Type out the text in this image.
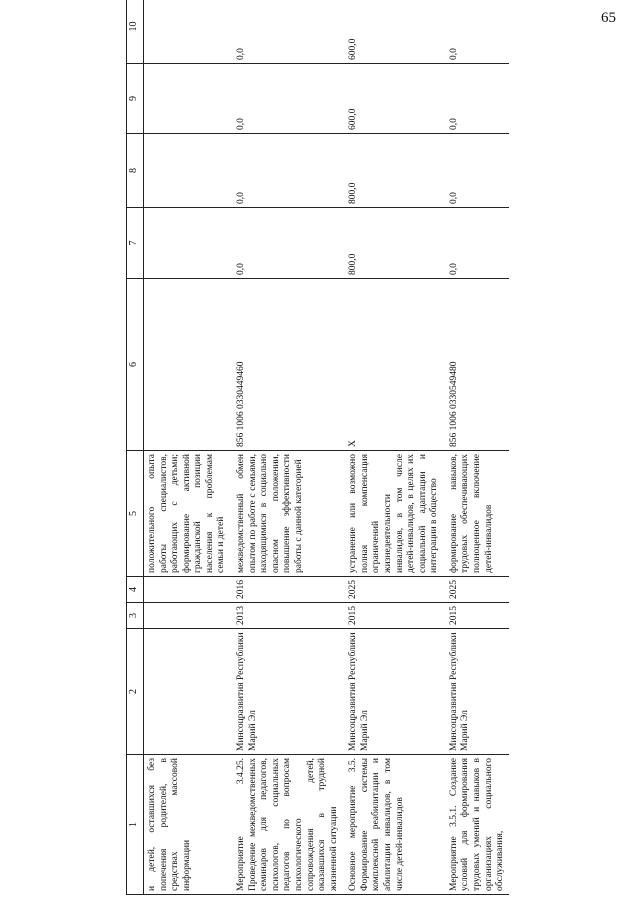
65
1	2	3	4	5	6	7	8	9	10
и детей, оставшихся без попечения родителей, в средствах массовой информации				положительного опыта работы специалистов, работающих с детьми; формирование активной гражданской позиции населения к проблемам семьи и детей					
Мероприятие 3.4.25. Проведение межведомственных семинаров для педагогов, психологов, социальных педагогов по вопросам психологического сопровождения детей, оказавшихся в трудной жизненной ситуации	Минсоцразвития Республики Марий Эл	2013	2016	межведомственный обмен опытом по работе с семьями, находящимися в социально опасном положении, повышение эффективности работы с данной категорией	856 1006 0330449460	0,0	0,0	0,0	0,0
Основное мероприятие 3.5. Формирование системы комплексной реабилитации и абилитации инвалидов, в том числе детей-инвалидов	Минсоцразвития Республики Марий Эл	2015	2025	устранение или возможно полная компенсация ограничений жизнедеятельности инвалидов, в том числе детей-инвалидов, в целях их социальной адаптации и интеграции в общество	X	800,0	800,0	600,0	600,0
Мероприятие 3.5.1. Создание условий для формирования трудовых умений и навыков в организациях социального обслуживания,	Минсоцразвития Республики Марий Эл	2015	2025	формирование навыков, трудовых обеспечивающих полноценное включение детей-инвалидов	856 1006 0330549480	0,0	0,0	0,0	0,0
